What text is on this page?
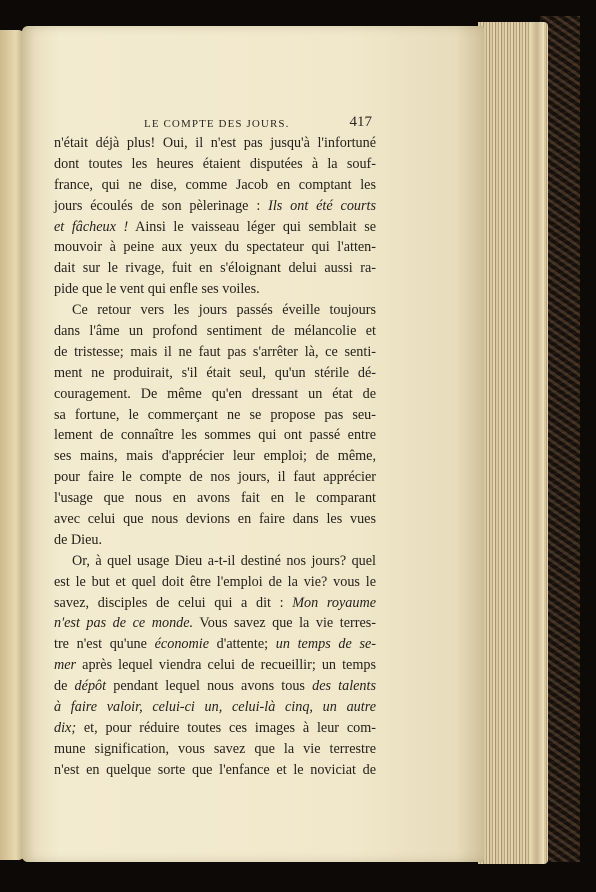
LE COMPTE DES JOURS.	417
n'était déjà plus! Oui, il n'est pas jusqu'à l'infortuné
dont toutes les heures étaient disputées à la souf-
france, qui ne dise, comme Jacob en comptant les
jours écoulés de son pèlerinage : Ils ont été courts
et fâcheux ! Ainsi le vaisseau léger qui semblait se
mouvoir à peine aux yeux du spectateur qui l'atten-
dait sur le rivage, fuit en s'éloignant delui aussi ra-
pide que le vent qui enfle ses voiles.
Ce retour vers les jours passés éveille toujours
dans l'âme un profond sentiment de mélancolie et
de tristesse; mais il ne faut pas s'arrêter là, ce senti-
ment ne produirait, s'il était seul, qu'un stérile dé-
couragement. De même qu'en dressant un état de
sa fortune, le commerçant ne se propose pas seu-
lement de connaître les sommes qui ont passé entre
ses mains, mais d'apprécier leur emploi; de même,
pour faire le compte de nos jours, il faut apprécier
l'usage que nous en avons fait en le comparant
avec celui que nous devions en faire dans les vues
de Dieu.
Or, à quel usage Dieu a-t-il destiné nos jours? quel
est le but et quel doit être l'emploi de la vie? vous le
savez, disciples de celui qui a dit : Mon royaume
n'est pas de ce monde. Vous savez que la vie terres-
tre n'est qu'une économie d'attente; un temps de se-
mer après lequel viendra celui de recueillir; un temps
de dépôt pendant lequel nous avons tous des talents
à faire valoir, celui-ci un, celui-là cinq, un autre
dix; et, pour réduire toutes ces images à leur com-
mune signification, vous savez que la vie terrestre
n'est en quelque sorte que l'enfance et le noviciat de
